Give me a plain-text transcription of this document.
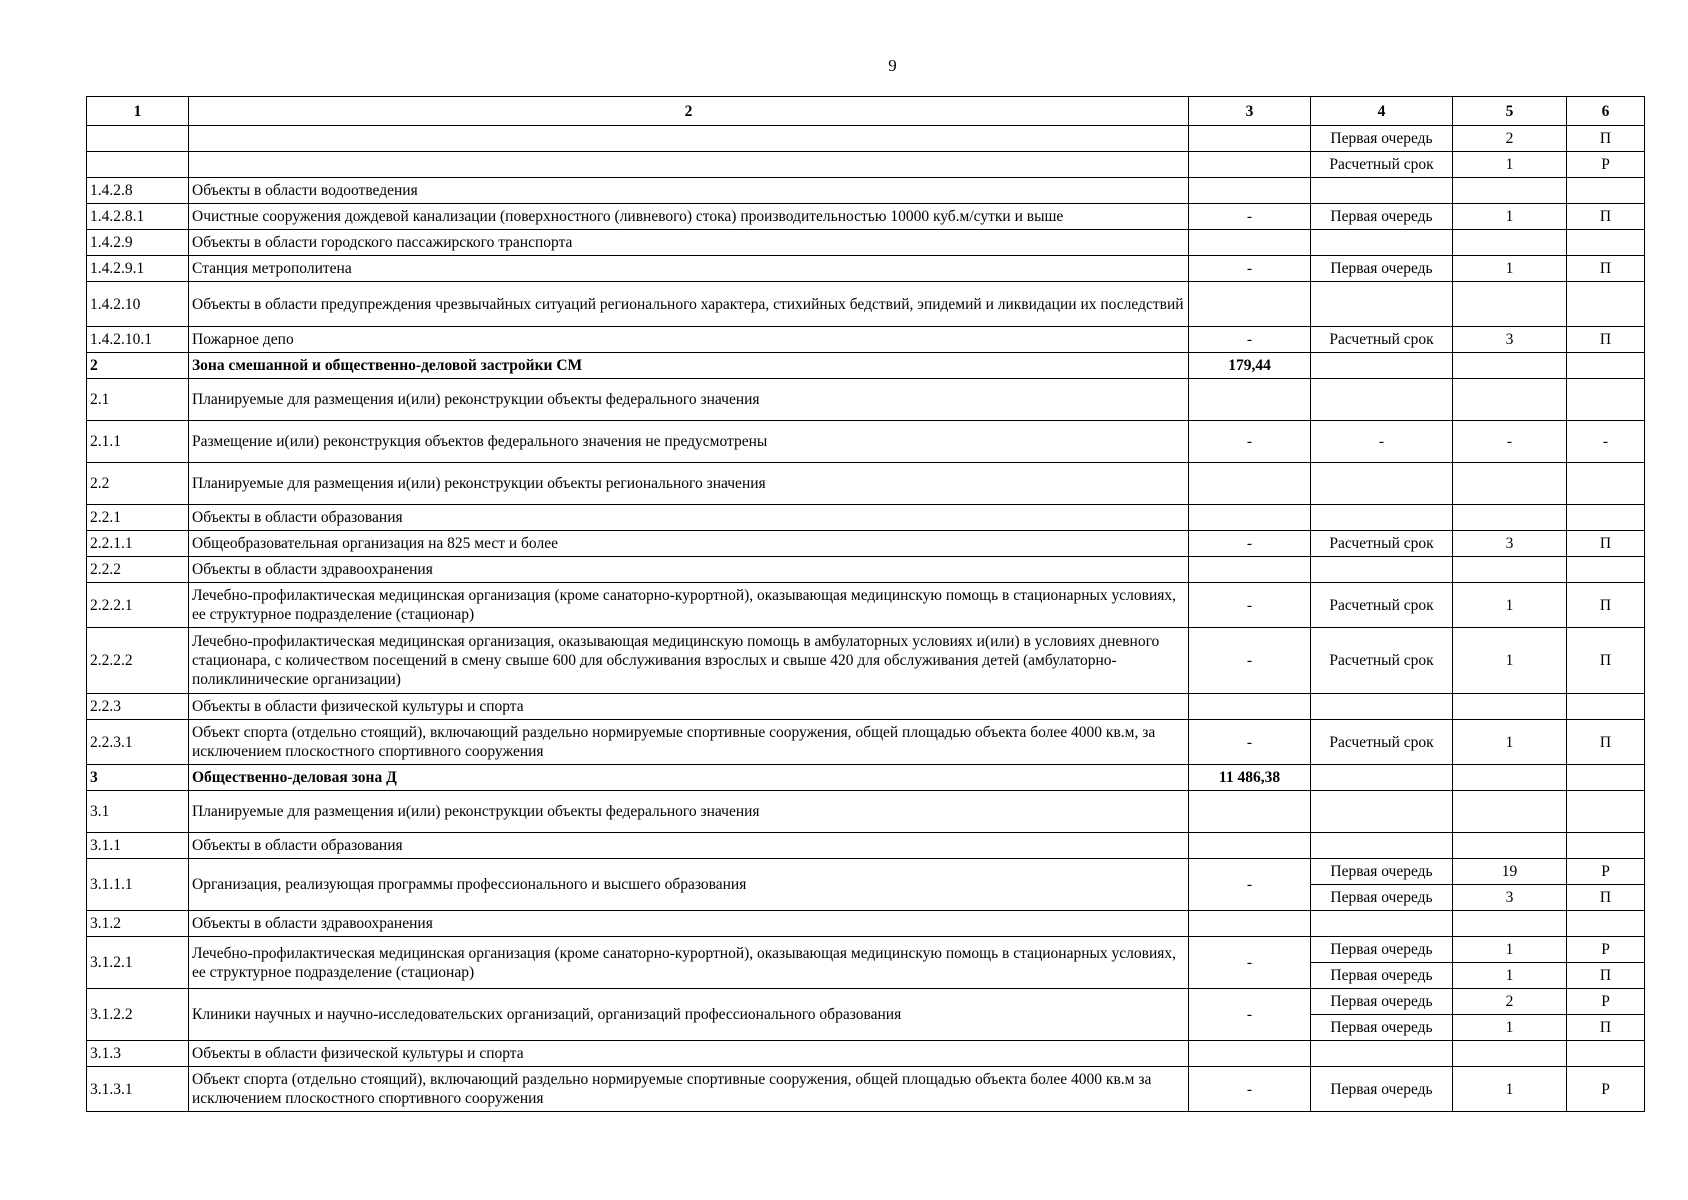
9
1	2	3	4	5	6
			Первая очередь	2	П
			Расчетный срок	1	Р
1.4.2.8	Объекты в области водоотведения				
1.4.2.8.1	Очистные сооружения дождевой канализации (поверхностного (ливневого) стока) производительностью 10000 куб.м/сутки и выше	-	Первая очередь	1	П
1.4.2.9	Объекты в области городского пассажирского транспорта				
1.4.2.9.1	Станция метрополитена	-	Первая очередь	1	П
1.4.2.10	Объекты в области предупреждения чрезвычайных ситуаций регионального характера, стихийных бедствий, эпидемий и ликвидации их последствий				
1.4.2.10.1	Пожарное депо	-	Расчетный срок	3	П
2	Зона смешанной и общественно-деловой застройки СМ	179,44			
2.1	Планируемые для размещения и(или) реконструкции объекты федерального значения				
2.1.1	Размещение и(или) реконструкция объектов федерального значения не предусмотрены	-	-	-	-
2.2	Планируемые для размещения и(или) реконструкции объекты регионального значения				
2.2.1	Объекты в области образования				
2.2.1.1	Общеобразовательная организация на 825 мест и более	-	Расчетный срок	3	П
2.2.2	Объекты в области здравоохранения				
2.2.2.1	Лечебно-профилактическая медицинская организация (кроме санаторно-курортной), оказывающая медицинскую помощь в стационарных условиях, ее структурное подразделение (стационар)	-	Расчетный срок	1	П
2.2.2.2	Лечебно-профилактическая медицинская организация, оказывающая медицинскую помощь в амбулаторных условиях и(или) в условиях дневного стационара, с количеством посещений в смену свыше 600 для обслуживания взрослых и свыше 420 для обслуживания детей (амбулаторно-поликлинические организации)	-	Расчетный срок	1	П
2.2.3	Объекты в области физической культуры и спорта				
2.2.3.1	Объект спорта (отдельно стоящий), включающий раздельно нормируемые спортивные сооружения, общей площадью объекта более 4000 кв.м, за исключением плоскостного спортивного сооружения	-	Расчетный срок	1	П
3	Общественно-деловая зона Д	11 486,38			
3.1	Планируемые для размещения и(или) реконструкции объекты федерального значения				
3.1.1	Объекты в области образования				
3.1.1.1	Организация, реализующая программы профессионального и высшего образования	-	Первая очередь	19	Р
			Первая очередь	3	П
3.1.2	Объекты в области здравоохранения				
3.1.2.1	Лечебно-профилактическая медицинская организация (кроме санаторно-курортной), оказывающая медицинскую помощь в стационарных условиях, ее структурное подразделение (стационар)	-	Первая очередь	1	Р
			Первая очередь	1	П
3.1.2.2	Клиники научных и научно-исследовательских организаций, организаций профессионального образования	-	Первая очередь	2	Р
			Первая очередь	1	П
3.1.3	Объекты в области физической культуры и спорта				
3.1.3.1	Объект спорта (отдельно стоящий), включающий раздельно нормируемые спортивные сооружения, общей площадью объекта более 4000 кв.м за исключением плоскостного спортивного сооружения	-	Первая очередь	1	Р
